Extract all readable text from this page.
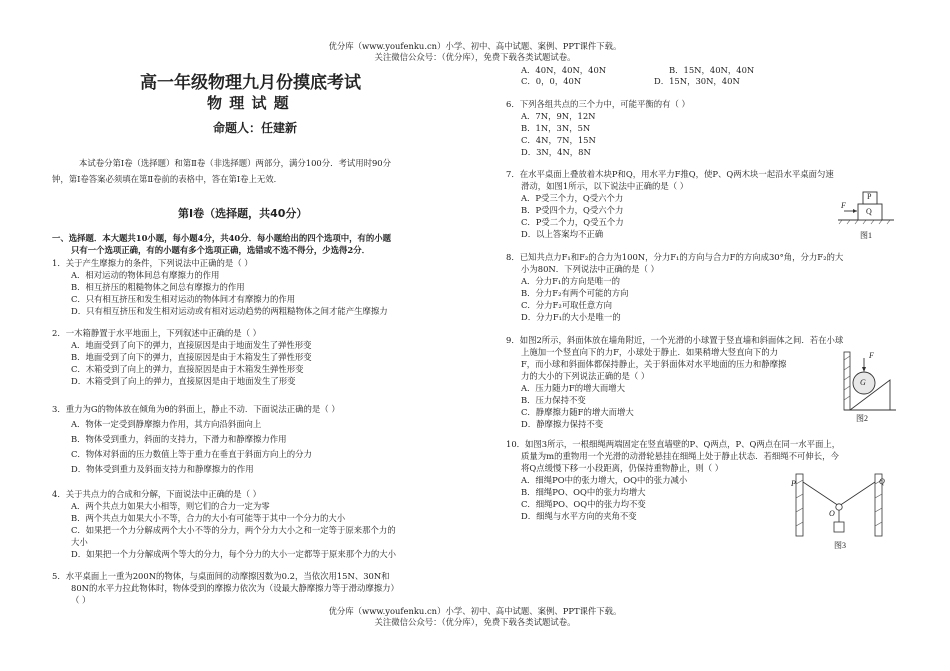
优分库（www.youfenku.cn）小学、初中、高中试题、案例、PPT课件下载。
关注微信公众号：（优分库），免费下载各类试题试卷。
高一年级物理九月份摸底考试
物 理 试 题
命题人：任建新
本试卷分第Ⅰ卷（选择题）和第Ⅱ卷（非选择题）两部分，满分100分．考试用时90分
钟，第Ⅰ卷答案必须填在第Ⅱ卷前的表格中，答在第Ⅰ卷上无效．
第Ⅰ卷（选择题，共40分）
一、选择题．本大题共10小题，每小题4分，共40分．每小题给出的四个选项中，有的小题
只有一个选项正确，有的小题有多个选项正确，选错或不选不得分，少选得2分．
1．关于产生摩擦力的条件，下列说法中正确的是（ ）
A．相对运动的物体间总有摩擦力的作用
B．相互挤压的粗糙物体之间总有摩擦力的作用
C．只有相互挤压和发生相对运动的物体间才有摩擦力的作用
D．只有相互挤压和发生相对运动或有相对运动趋势的两粗糙物体之间才能产生摩擦力
2．一木箱静置于水平地面上，下列叙述中正确的是（ ）
A．地面受到了向下的弹力，直接原因是由于地面发生了弹性形变
B．地面受到了向下的弹力，直接原因是由于木箱发生了弹性形变
C．木箱受到了向上的弹力，直接原因是由于木箱发生弹性形变
D．木箱受到了向上的弹力，直接原因是由于地面发生了形变
3．重力为G的物体放在倾角为θ的斜面上，静止不动．下面说法正确的是（ ）
A．物体一定受到静摩擦力作用，其方向沿斜面向上
B．物体受到重力，斜面的支持力，下滑力和静摩擦力作用
C．物体对斜面的压力数值上等于重力在垂直于斜面方向上的分力
D．物体受到重力及斜面支持力和静摩擦力的作用
4．关于共点力的合成和分解，下面说法中正确的是（ ）
A．两个共点力如果大小相等，则它们的合力一定为零
B．两个共点力如果大小不等，合力的大小有可能等于其中一个分力的大小
C．如果把一个力分解成两个大小不等的分力，两个分力大小之和一定等于原来那个力的
大小
D．如果把一个力分解成两个等大的分力，每个分力的大小一定都等于原来那个力的大小
5．水平桌面上一重为200N的物体，与桌面间的动摩擦因数为0.2，当依次用15N、30N和
80N的水平力拉此物体时，物体受到的摩擦力依次为（设最大静摩擦力等于滑动摩擦力）
（ ）
优分库（www.youfenku.cn）小学、初中、高中试题、案例、PPT课件下载。
关注微信公众号：（优分库），免费下载各类试题试卷。
A．40N，40N，40N	B．15N，40N，40N
C．0，0，40N	D．15N，30N，40N
6．下列各组共点的三个力中，可能平衡的有（ ）
A．7N，9N，12N
B．1N，3N，5N
C．4N，7N，15N
D．3N，4N，8N
7．在水平桌面上叠放着木块P和Q，用水平力F推Q，使P、Q两木块一起沿水平桌面匀速
滑动，如图1所示，以下说法中正确的是（ ）
A．P受三个力，Q受六个力
B．P受四个力，Q受六个力
C．P受二个力，Q受五个力
D．以上答案均不正确
P
Q
F
图1
8．已知共点力F₁和F₂的合力为100N，分力F₁的方向与合力F的方向成30°角，分力F₂的大
小为80N．下列说法中正确的是（ ）
A．分力F₁的方向是唯一的
B．分力F₂有两个可能的方向
C．分力F₂可取任意方向
D．分力F₁的大小是唯一的
9．如图2所示，斜面体放在墙角附近，一个光滑的小球置于竖直墙和斜面体之间．若在小球
上施加一个竖直向下的力F，小球处于静止．如果稍增大竖直向下的力
F，而小球和斜面体都保持静止，关于斜面体对水平地面的压力和静摩擦
力的大小的下列说法正确的是（ ）
A．压力随力F的增大而增大
B．压力保持不变
C．静摩擦力随F的增大而增大
D．静摩擦力保持不变
F
G
图2
10．如图3所示，一根细绳两端固定在竖直墙壁的P、Q两点，P、Q两点在同一水平面上，
质量为m的重物用一个光滑的动滑轮悬挂在细绳上处于静止状态．若细绳不可伸长，今
将Q点缓慢下移一小段距离，仍保持重物静止，则（ ）
A．细绳PO中的张力增大，OQ中的张力减小
B．细绳PO、OQ中的张力均增大
C．细绳PO、OQ中的张力均不变
D．细绳与水平方向的夹角不变
P	Q
O
图3
